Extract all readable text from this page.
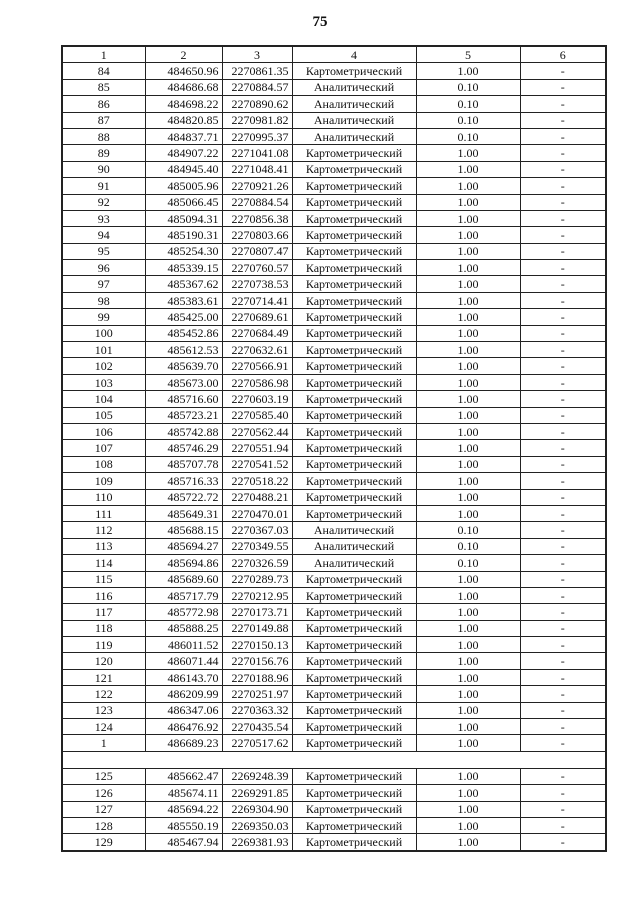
75
1	2	3	4	5	6
84	484650.96	2270861.35	Картометрический	1.00	-
85	484686.68	2270884.57	Аналитический	0.10	-
86	484698.22	2270890.62	Аналитический	0.10	-
87	484820.85	2270981.82	Аналитический	0.10	-
88	484837.71	2270995.37	Аналитический	0.10	-
89	484907.22	2271041.08	Картометрический	1.00	-
90	484945.40	2271048.41	Картометрический	1.00	-
91	485005.96	2270921.26	Картометрический	1.00	-
92	485066.45	2270884.54	Картометрический	1.00	-
93	485094.31	2270856.38	Картометрический	1.00	-
94	485190.31	2270803.66	Картометрический	1.00	-
95	485254.30	2270807.47	Картометрический	1.00	-
96	485339.15	2270760.57	Картометрический	1.00	-
97	485367.62	2270738.53	Картометрический	1.00	-
98	485383.61	2270714.41	Картометрический	1.00	-
99	485425.00	2270689.61	Картометрический	1.00	-
100	485452.86	2270684.49	Картометрический	1.00	-
101	485612.53	2270632.61	Картометрический	1.00	-
102	485639.70	2270566.91	Картометрический	1.00	-
103	485673.00	2270586.98	Картометрический	1.00	-
104	485716.60	2270603.19	Картометрический	1.00	-
105	485723.21	2270585.40	Картометрический	1.00	-
106	485742.88	2270562.44	Картометрический	1.00	-
107	485746.29	2270551.94	Картометрический	1.00	-
108	485707.78	2270541.52	Картометрический	1.00	-
109	485716.33	2270518.22	Картометрический	1.00	-
110	485722.72	2270488.21	Картометрический	1.00	-
111	485649.31	2270470.01	Картометрический	1.00	-
112	485688.15	2270367.03	Аналитический	0.10	-
113	485694.27	2270349.55	Аналитический	0.10	-
114	485694.86	2270326.59	Аналитический	0.10	-
115	485689.60	2270289.73	Картометрический	1.00	-
116	485717.79	2270212.95	Картометрический	1.00	-
117	485772.98	2270173.71	Картометрический	1.00	-
118	485888.25	2270149.88	Картометрический	1.00	-
119	486011.52	2270150.13	Картометрический	1.00	-
120	486071.44	2270156.76	Картометрический	1.00	-
121	486143.70	2270188.96	Картометрический	1.00	-
122	486209.99	2270251.97	Картометрический	1.00	-
123	486347.06	2270363.32	Картометрический	1.00	-
124	486476.92	2270435.54	Картометрический	1.00	-
1	486689.23	2270517.62	Картометрический	1.00	-

125	485662.47	2269248.39	Картометрический	1.00	-
126	485674.11	2269291.85	Картометрический	1.00	-
127	485694.22	2269304.90	Картометрический	1.00	-
128	485550.19	2269350.03	Картометрический	1.00	-
129	485467.94	2269381.93	Картометрический	1.00	-
